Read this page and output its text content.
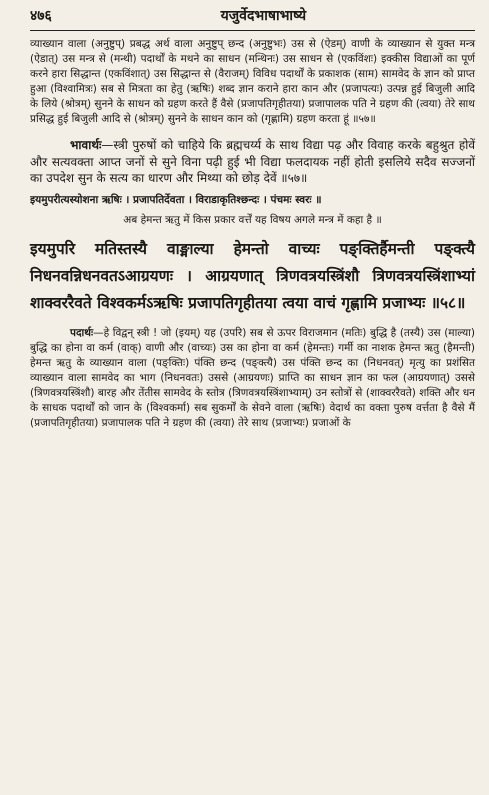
४७६	यजुर्वेदभाषाभाष्ये

व्याख्यान वाला (अनुष्टुप्) प्रबद्ध अर्थ वाला अनुष्टुप् छन्द (अनुष्टुभः) उस से (ऐडम्) वाणी के व्याख्यान से युक्त मन्त्र (ऐडात्) उस मन्त्र से (मन्थी) पदार्थों के मथने का साधन (मन्थिनः) उस साधन से (एकविंशः) इक्कीस विद्याओं का पूर्ण करने हारा सिद्धान्त (एकविंशात्) उस सिद्धान्त से (वैराजम्) विविध पदार्थों के प्रकाशक (साम) सामवेद के ज्ञान को प्राप्त हुआ (विश्वामित्रः) सब से मित्रता का हेतु (ऋषिः) शब्द ज्ञान कराने हारा कान और (प्रजापत्यः) उत्पन्न हुई बिजुली आदि के लिये (श्रोत्रम्) सुनने के साधन को ग्रहण करते हैं वैसे (प्रजापतिगृहीतया) प्रजापालक पति ने ग्रहण की (त्वया) तेरे साथ प्रसिद्ध हुई बिजुली आदि से (श्रोत्रम्) सुनने के साधन कान को (गृह्णामि) ग्रहण करता हूं ॥५७॥

भावार्थः—स्त्री पुरुषों को चाहिये कि ब्रह्मचर्य्य के साथ विद्या पढ़ और विवाह करके बहुश्रुत होवें और सत्यवक्ता आप्त जनों से सुने विना पढ़ी हुई भी विद्या फलदायक नहीं होती इसलिये सदैव सज्जनों का उपदेश सुन के सत्य का धारण और मिथ्या को छोड़ देवें ॥५७॥

इयमुपरीत्यस्योशना ऋषिः । प्रजापतिर्देवता । विराडाकृतिश्छन्दः । पंचमः स्वरः ॥
अब हेमन्त ऋतु में किस प्रकार वर्त्तें यह विषय अगले मन्त्र में कहा है ॥

इयमुपरि मतिस्तस्यै वाङ्माल्या हेमन्तो वाच्यः पङ्क्तिर्हैमन्ती पङ्क्त्यै निधनवन्निधनवतऽआग्रयणः । आग्रयणात् त्रिणवत्रयस्त्रिंशौ त्रिणवत्रयस्त्रिंशाभ्यां शाक्वररैवते विश्वकर्मऽऋषिः प्रजापतिगृहीतया त्वया वाचं गृह्णामि प्रजाभ्यः ॥५८॥

पदार्थः—हे विद्वन् स्त्री ! जो (इयम्) यह (उपरि) सब से ऊपर विराजमान (मतिः) बुद्धि है (तस्यै) उस (माल्या) बुद्धि का होना वा कर्म (वाक्) वाणी और (वाच्यः) उस का होना वा कर्म (हेमन्तः) गर्मी का नाशक हेमन्त ऋतु (हैमन्ती) हेमन्त ऋतु के व्याख्यान वाला (पङ्क्तिः) पंक्ति छन्द (पङ्क्त्यै) उस पंक्ति छन्द का (निधनवत्) मृत्यु का प्रशंसित व्याख्यान वाला सामवेद का भाग (निधनवतः) उससे (आग्रयणः) प्राप्ति का साधन ज्ञान का फल (आग्रयणात्) उससे (त्रिणवत्रयस्त्रिंशौ) बारह और तेंतीस सामवेद के स्तोत्र (त्रिणवत्रयस्त्रिंशाभ्याम्) उन स्तोत्रों से (शाक्वररैवते) शक्ति और धन के साधक पदार्थों को जान के (विश्वकर्मा) सब सुकर्मों के सेवने वाला (ऋषिः) वेदार्थ का वक्ता पुरुष वर्त्तता है वैसे मैं (प्रजापतिगृहीतया) प्रजापालक पति ने ग्रहण की (त्वया) तेरे साथ (प्रजाभ्यः) प्रजाओं के
